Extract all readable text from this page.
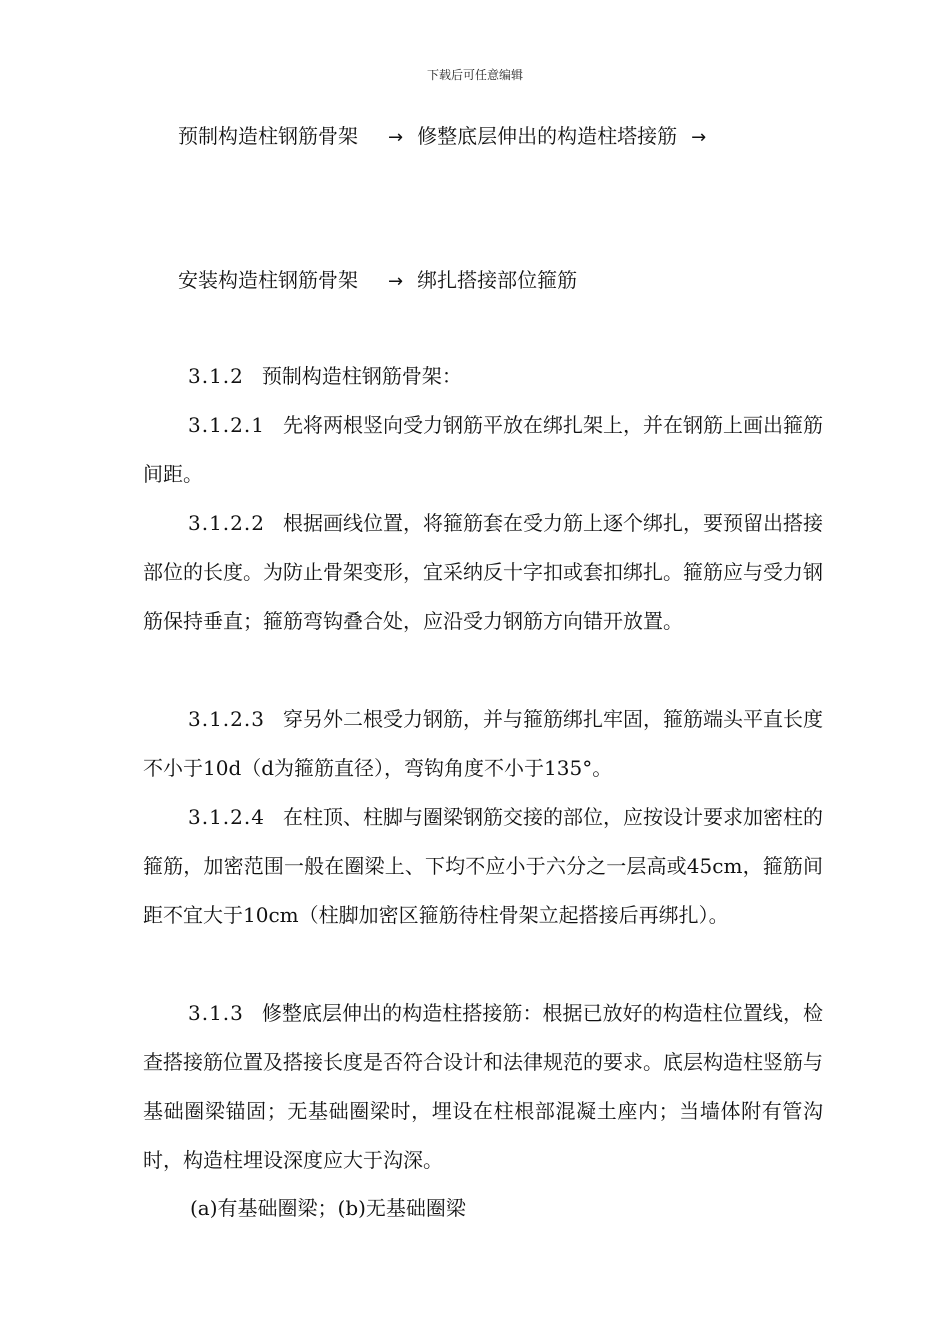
下载后可任意编辑
预制构造柱钢筋骨架 → 修整底层伸出的构造柱塔接筋 →
安装构造柱钢筋骨架 → 绑扎搭接部位箍筋

3.1.2 预制构造柱钢筋骨架：

3.1.2.1 先将两根竖向受力钢筋平放在绑扎架上，并在钢筋上画出箍筋间距。

3.1.2.2 根据画线位置，将箍筋套在受力筋上逐个绑扎，要预留出搭接部位的长度。为防止骨架变形，宜采纳反十字扣或套扣绑扎。箍筋应与受力钢筋保持垂直；箍筋弯钩叠合处，应沿受力钢筋方向错开放置。

3.1.2.3 穿另外二根受力钢筋，并与箍筋绑扎牢固，箍筋端头平直长度不小于10d（d为箍筋直径），弯钩角度不小于135°。

3.1.2.4 在柱顶、柱脚与圈梁钢筋交接的部位，应按设计要求加密柱的箍筋，加密范围一般在圈梁上、下均不应小于六分之一层高或45cm，箍筋间距不宜大于10cm（柱脚加密区箍筋待柱骨架立起搭接后再绑扎）。

3.1.3 修整底层伸出的构造柱搭接筋：根据已放好的构造柱位置线，检查搭接筋位置及搭接长度是否符合设计和法律规范的要求。底层构造柱竖筋与基础圈梁锚固；无基础圈梁时，埋设在柱根部混凝土座内；当墙体附有管沟时，构造柱埋设深度应大于沟深。

(a)有基础圈梁；(b)无基础圈梁
